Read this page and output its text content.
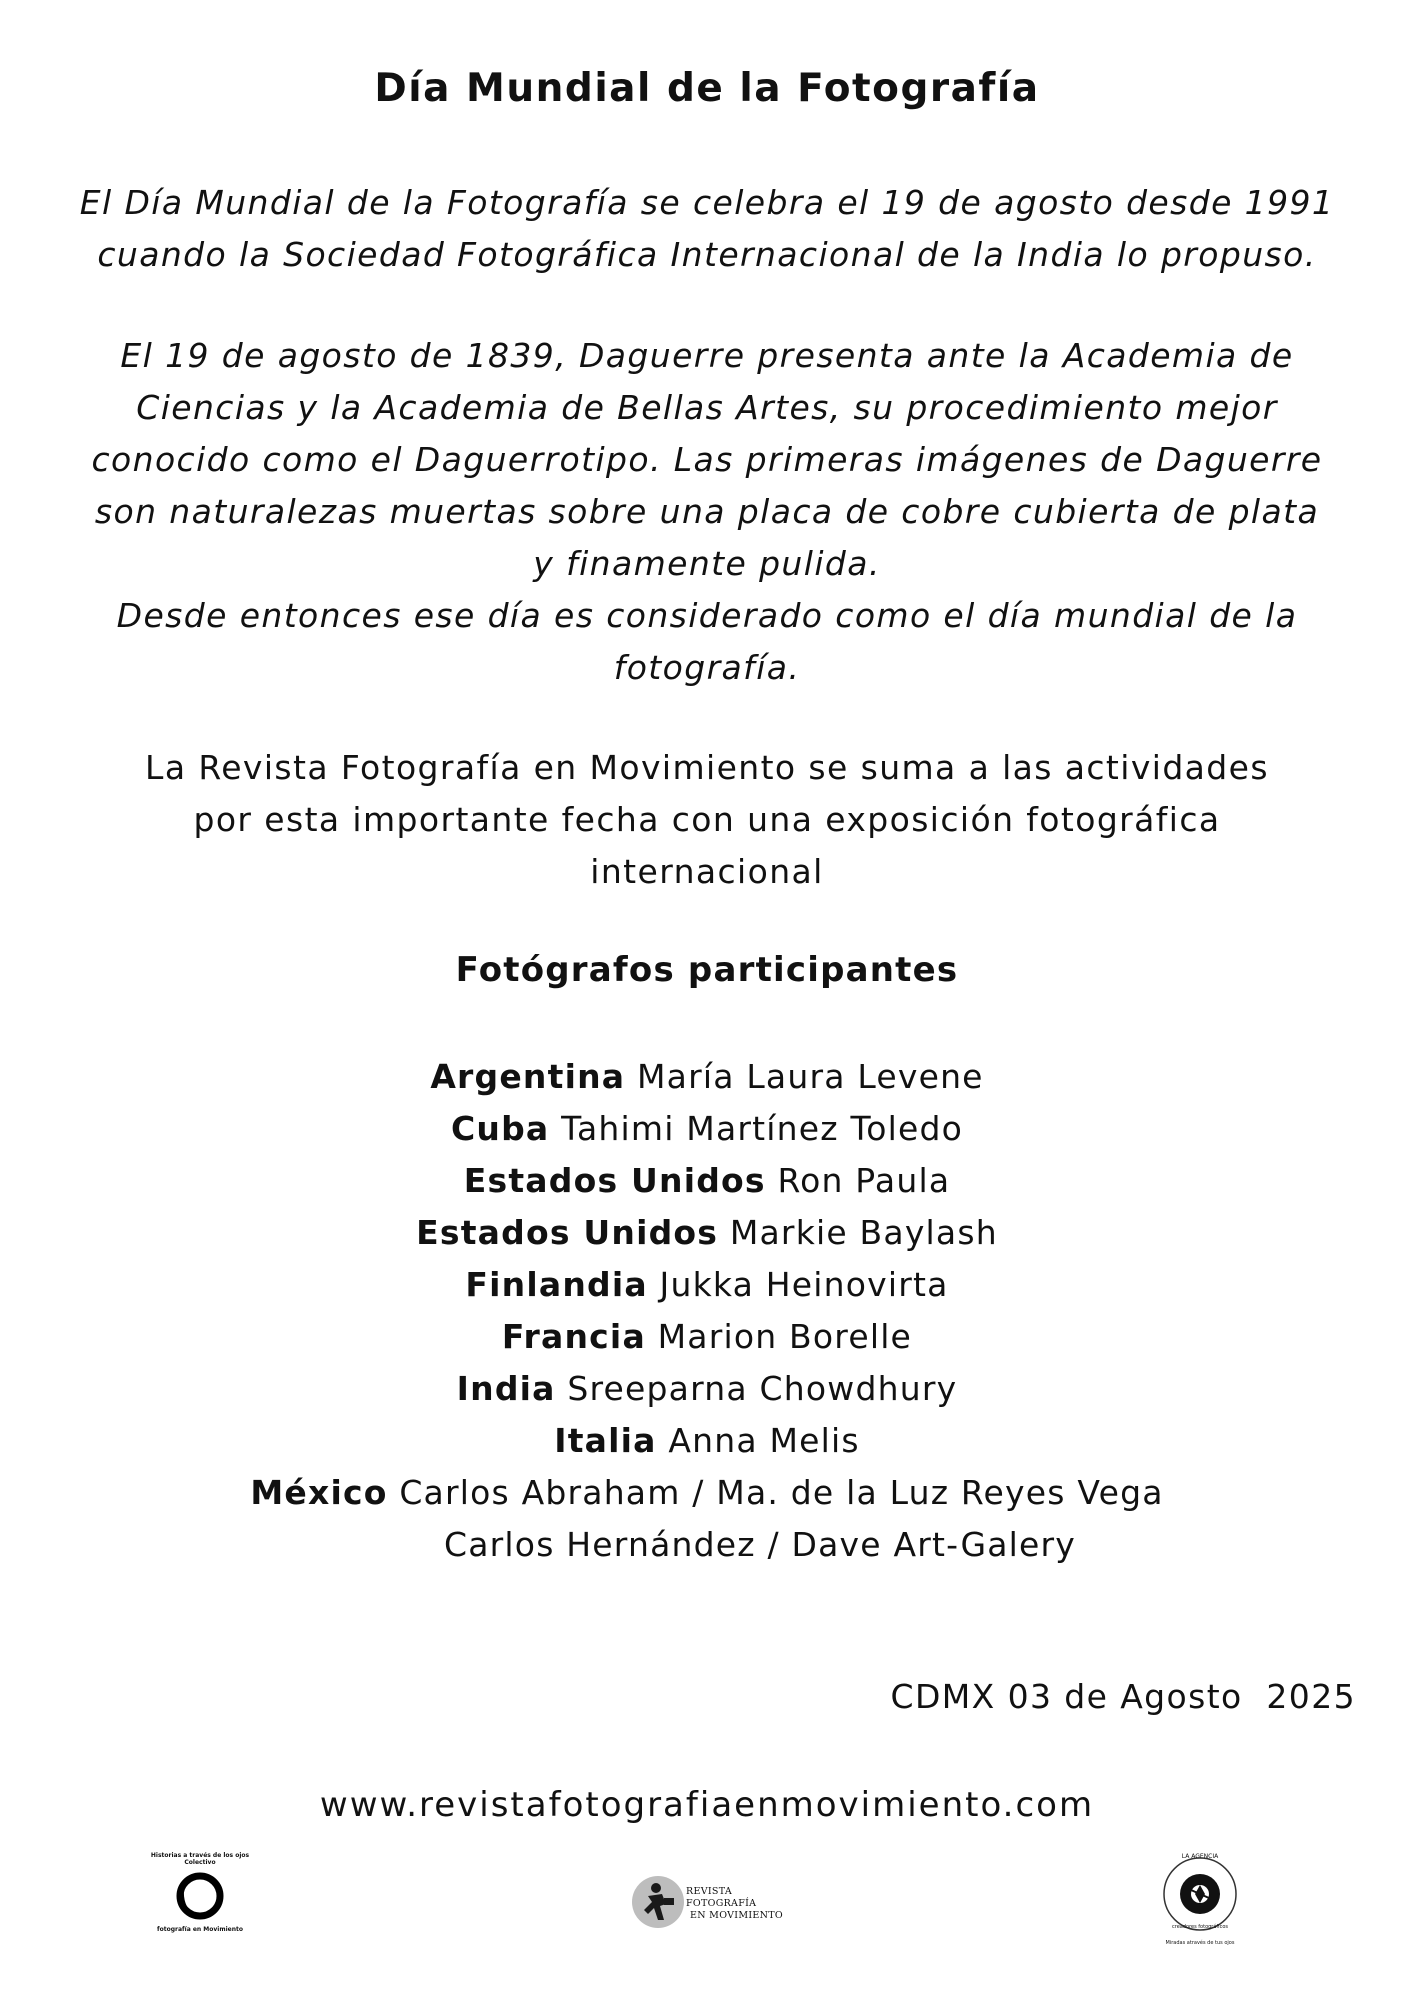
Día Mundial de la Fotografía
El Día Mundial de la Fotografía se celebra el 19 de agosto desde 1991
cuando la Sociedad Fotográfica Internacional de la India lo propuso.
El 19 de agosto de 1839, Daguerre presenta ante la Academia de
Ciencias y la Academia de Bellas Artes, su procedimiento mejor
conocido como el Daguerrotipo. Las primeras imágenes de Daguerre
son naturalezas muertas sobre una placa de cobre cubierta de plata
y finamente pulida.
Desde entonces ese día es considerado como el día mundial de la
fotografía.
La Revista Fotografía en Movimiento se suma a las actividades
por esta importante fecha con una exposición fotográfica
internacional
Fotógrafos participantes
Argentina María Laura Levene
Cuba Tahimi Martínez Toledo
Estados Unidos Ron Paula
Estados Unidos Markie Baylash
Finlandia Jukka Heinovirta
Francia Marion Borelle
India Sreeparna Chowdhury
Italia Anna Melis
México Carlos Abraham / Ma. de la Luz Reyes Vega
Carlos Hernández / Dave Art-Galery
CDMX 03 de Agosto  2025
www.revistafotografiaenmovimiento.com
Historias a través de los ojos Colectivo
fotografía en Movimiento
REVISTA FOTOGRAFÍA
EN MOVIMIENTO
LA AGENCIA
creadores fotográficos
Miradas através de tus ojos
